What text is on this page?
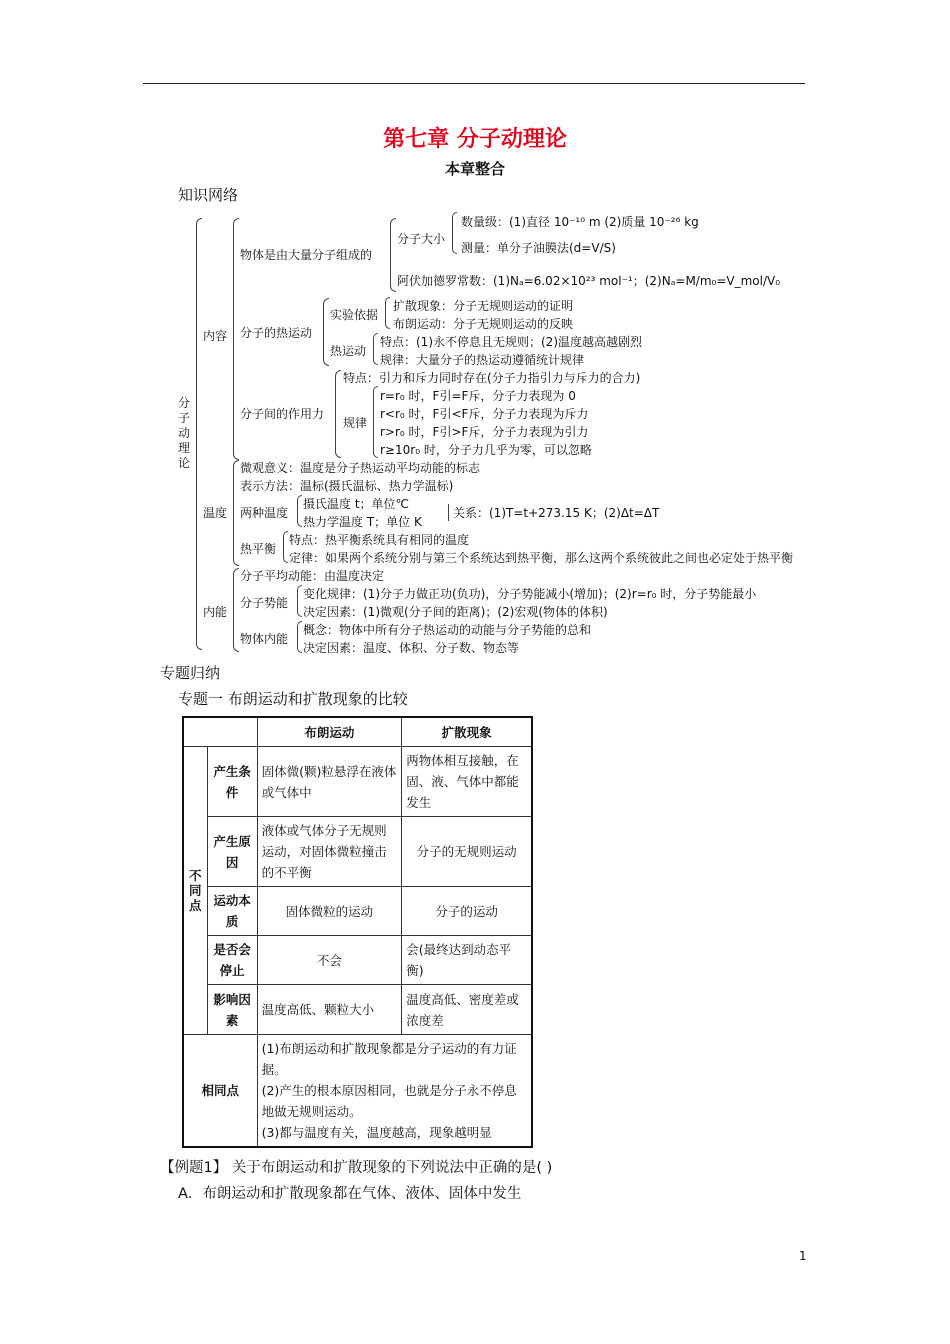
第七章 分子动理论
本章整合
知识网络
分子动理论
内容
物体是由大量分子组成的
分子大小
数量级：(1)直径 10⁻¹⁰ m (2)质量 10⁻²⁶ kg
测量：单分子油膜法(d=V/S)
阿伏加德罗常数：(1)Nₐ=6.02×10²³ mol⁻¹；(2)Nₐ=M/m₀=V_mol/V₀
分子的热运动
实验依据
扩散现象：分子无规则运动的证明
布朗运动：分子无规则运动的反映
热运动
特点：(1)永不停息且无规则；(2)温度越高越剧烈
规律：大量分子的热运动遵循统计规律
分子间的作用力
特点：引力和斥力同时存在(分子力指引力与斥力的合力)
规律
r=r₀ 时，F引=F斥，分子力表现为 0
r<r₀ 时，F引<F斥，分子力表现为斥力
r>r₀ 时，F引>F斥，分子力表现为引力
r≥10r₀ 时，分子力几乎为零，可以忽略
温度
微观意义：温度是分子热运动平均动能的标志
表示方法：温标(摄氏温标、热力学温标)
两种温度
摄氏温度 t；单位℃
热力学温度 T；单位 K
关系：(1)T=t+273.15 K；(2)Δt=ΔT
热平衡
特点：热平衡系统具有相同的温度
定律：如果两个系统分别与第三个系统达到热平衡，那么这两个系统彼此之间也必定处于热平衡
内能
分子平均动能：由温度决定
分子势能
变化规律：(1)分子力做正功(负功)，分子势能减小(增加)；(2)r=r₀ 时，分子势能最小
决定因素：(1)微观(分子间的距离)；(2)宏观(物体的体积)
物体内能
概念：物体中所有分子热运动的动能与分子势能的总和
决定因素：温度、体积、分子数、物态等
专题归纳
专题一 布朗运动和扩散现象的比较
		布朗运动	扩散现象
不同点	产生条件	固体微(颗)粒悬浮在液体或气体中	两物体相互接触，在固、液、气体中都能发生
	产生原因	液体或气体分子无规则运动，对固体微粒撞击的不平衡	分子的无规则运动
	运动本质	固体微粒的运动	分子的运动
	是否会停止	不会	会(最终达到动态平衡)
	影响因素	温度高低、颗粒大小	温度高低、密度差或浓度差
相同点		(1)布朗运动和扩散现象都是分子运动的有力证据。
(2)产生的根本原因相同，也就是分子永不停息地做无规则运动。
(3)都与温度有关，温度越高，现象越明显	
【例题1】 关于布朗运动和扩散现象的下列说法中正确的是( )
A．布朗运动和扩散现象都在气体、液体、固体中发生
1
